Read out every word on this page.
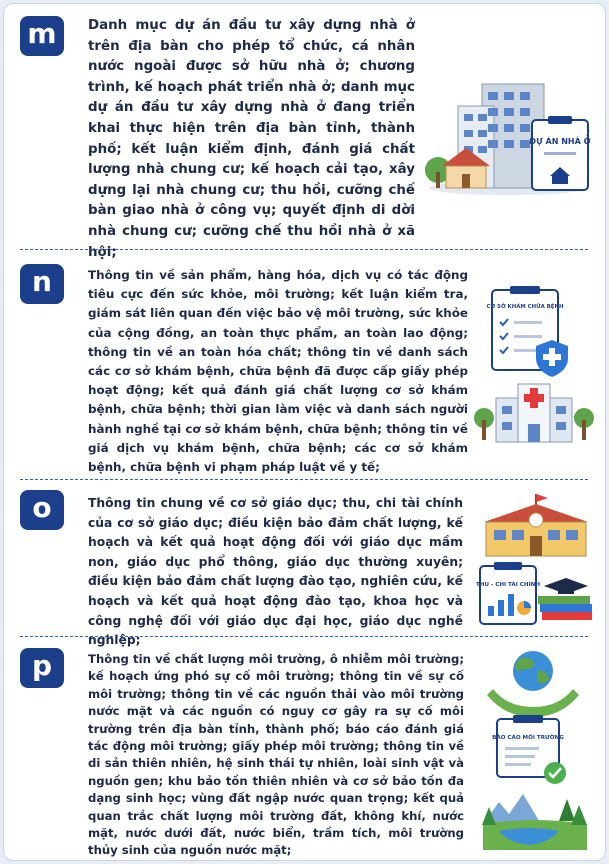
m	Danh mục dự án đầu tư xây dựng nhà ở trên địa bàn cho phép tổ chức, cá nhân nước ngoài được sở hữu nhà ở; chương trình, kế hoạch phát triển nhà ở; danh mục dự án đầu tư xây dựng nhà ở đang triển khai thực hiện trên địa bàn tỉnh, thành phố; kết luận kiểm định, đánh giá chất lượng nhà chung cư; kế hoạch cải tạo, xây dựng lại nhà chung cư; thu hồi, cưỡng chế bàn giao nhà ở công vụ; quyết định di dời nhà chung cư; cưỡng chế thu hồi nhà ở xã hội;
DỰ ÁN NHÀ Ở
n	Thông tin về sản phẩm, hàng hóa, dịch vụ có tác động tiêu cực đến sức khỏe, môi trường; kết luận kiểm tra, giám sát liên quan đến việc bảo vệ môi trường, sức khỏe của cộng đồng, an toàn thực phẩm, an toàn lao động; thông tin về an toàn hóa chất; thông tin về danh sách các cơ sở khám bệnh, chữa bệnh đã được cấp giấy phép hoạt động; kết quả đánh giá chất lượng cơ sở khám bệnh, chữa bệnh; thời gian làm việc và danh sách người hành nghề tại cơ sở khám bệnh, chữa bệnh; thông tin về giá dịch vụ khám bệnh, chữa bệnh; các cơ sở khám bệnh, chữa bệnh vi phạm pháp luật về y tế;
CƠ SỞ KHÁM CHỮA BỆNH
o	Thông tin chung về cơ sở giáo dục; thu, chi tài chính của cơ sở giáo dục; điều kiện bảo đảm chất lượng, kế hoạch và kết quả hoạt động đối với giáo dục mầm non, giáo dục phổ thông, giáo dục thường xuyên; điều kiện bảo đảm chất lượng đào tạo, nghiên cứu, kế hoạch và kết quả hoạt động đào tạo, khoa học và công nghệ đối với giáo dục đại học, giáo dục nghề nghiệp;
THU - CHI TÀI CHÍNH
p	Thông tin về chất lượng môi trường, ô nhiễm môi trường; kế hoạch ứng phó sự cố môi trường; thông tin về sự cố môi trường; thông tin về các nguồn thải vào môi trường nước mặt và các nguồn có nguy cơ gây ra sự cố môi trường trên địa bàn tỉnh, thành phố; báo cáo đánh giá tác động môi trường; giấy phép môi trường; thông tin về di sản thiên nhiên, hệ sinh thái tự nhiên, loài sinh vật và nguồn gen; khu bảo tồn thiên nhiên và cơ sở bảo tồn đa dạng sinh học; vùng đất ngập nước quan trọng; kết quả quan trắc chất lượng môi trường đất, không khí, nước mặt, nước dưới đất, nước biển, trầm tích, môi trường thủy sinh của nguồn nước mặt;
BÁO CÁO MÔI TRƯỜNG
